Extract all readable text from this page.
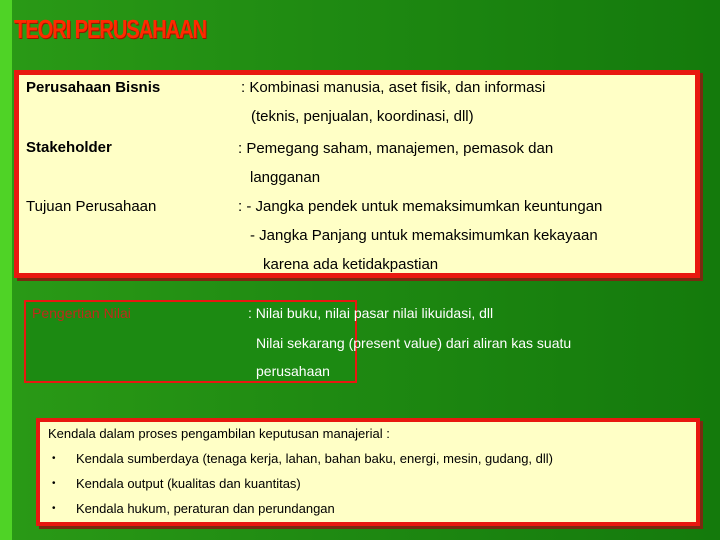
TEORI PERUSAHAAN
Perusahaan Bisnis	: Kombinasi manusia, aset fisik, dan informasi
(teknis, penjualan, koordinasi, dll)
Stakeholder	: Pemegang saham, manajemen, pemasok dan
langganan
Tujuan Perusahaan	: - Jangka pendek untuk memaksimumkan keuntungan
- Jangka Panjang untuk memaksimumkan kekayaan
karena ada ketidakpastian
Pengertian Nilai	: Nilai buku, nilai pasar nilai likuidasi, dll
Nilai sekarang (present value) dari aliran kas suatu
perusahaan
Kendala dalam proses pengambilan keputusan manajerial :
• Kendala sumberdaya (tenaga kerja, lahan, bahan baku, energi, mesin, gudang, dll)
• Kendala output (kualitas dan kuantitas)
• Kendala hukum, peraturan dan perundangan
